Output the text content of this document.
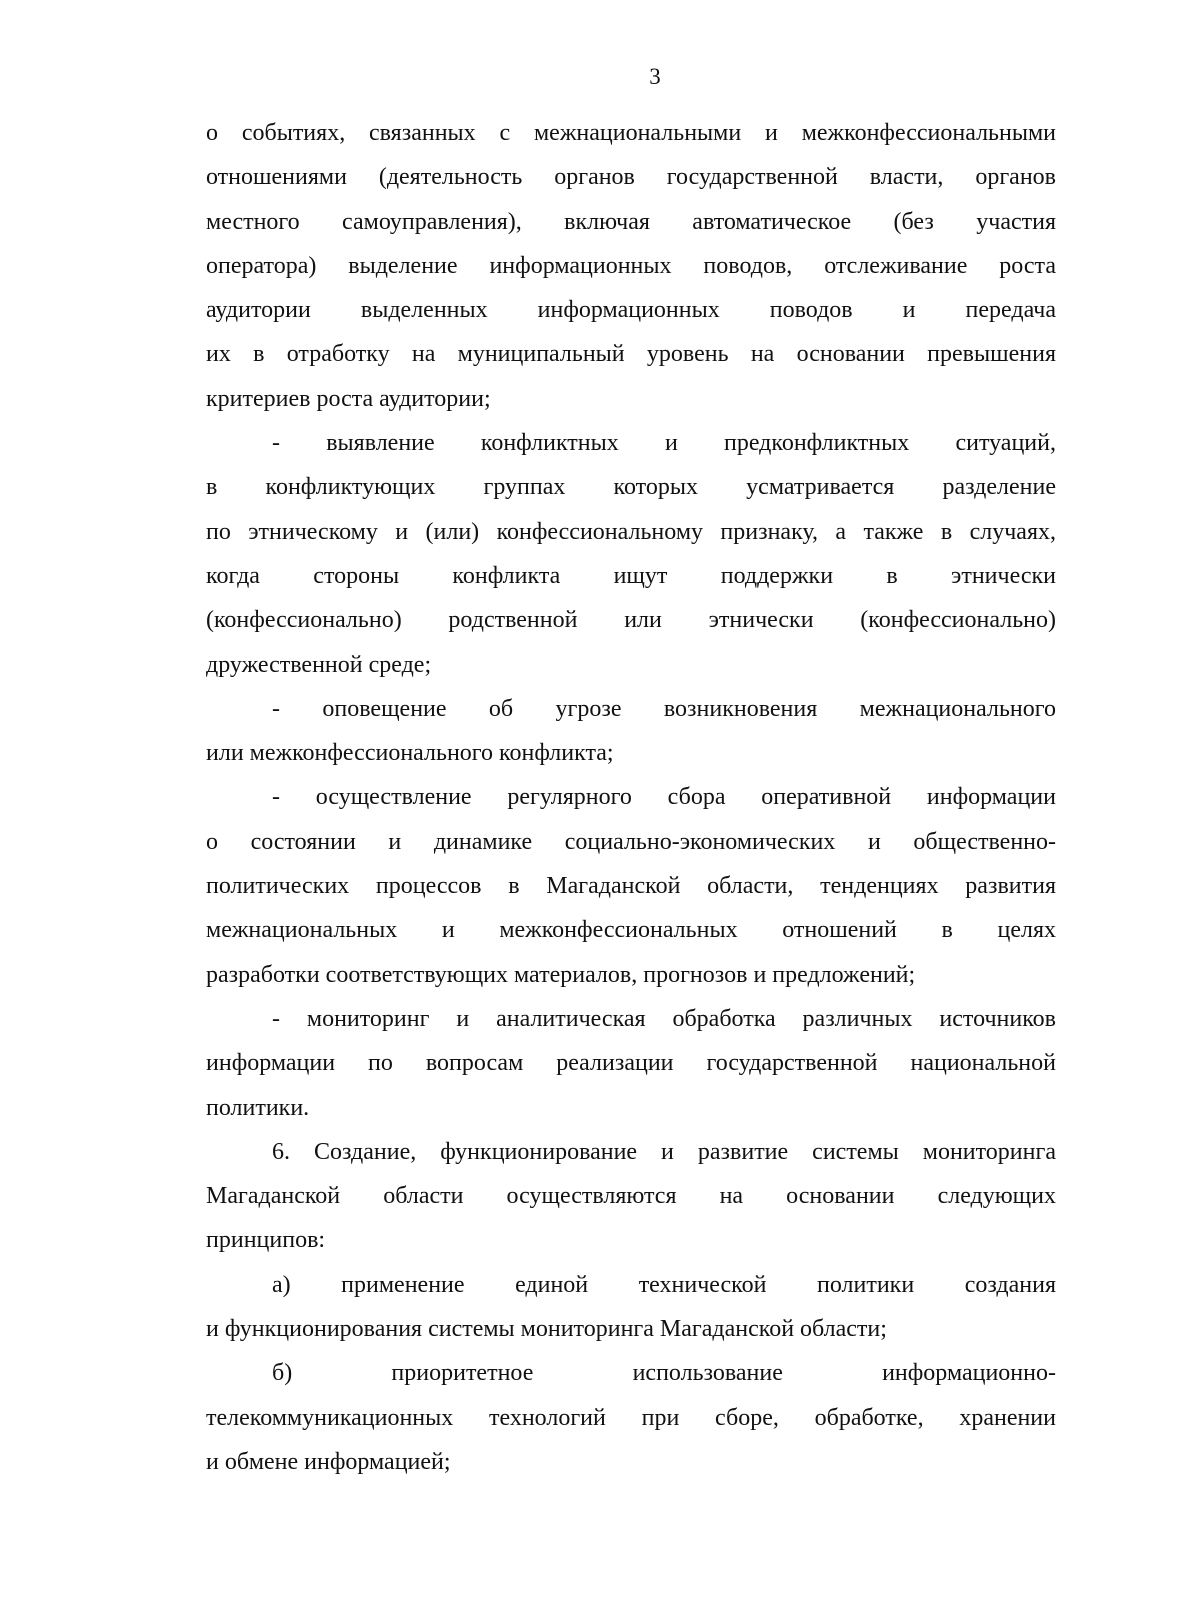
3
о событиях, связанных с межнациональными и межконфессиональными
отношениями (деятельность органов государственной власти, органов
местного самоуправления), включая автоматическое (без участия
оператора) выделение информационных поводов, отслеживание роста
аудитории выделенных информационных поводов и передача
их в отработку на муниципальный уровень на основании превышения
критериев роста аудитории;
- выявление конфликтных и предконфликтных ситуаций,
в конфликтующих группах которых усматривается разделение
по этническому и (или) конфессиональному признаку, а также в случаях,
когда стороны конфликта ищут поддержки в этнически
(конфессионально) родственной или этнически (конфессионально)
дружественной среде;
- оповещение об угрозе возникновения межнационального
или межконфессионального конфликта;
- осуществление регулярного сбора оперативной информации
о состоянии и динамике социально-экономических и общественно-
политических процессов в Магаданской области, тенденциях развития
межнациональных и межконфессиональных отношений в целях
разработки соответствующих материалов, прогнозов и предложений;
- мониторинг и аналитическая обработка различных источников
информации по вопросам реализации государственной национальной
политики.
6. Создание, функционирование и развитие системы мониторинга
Магаданской области осуществляются на основании следующих
принципов:
а) применение единой технической политики создания
и функционирования системы мониторинга Магаданской области;
б) приоритетное использование информационно-
телекоммуникационных технологий при сборе, обработке, хранении
и обмене информацией;
